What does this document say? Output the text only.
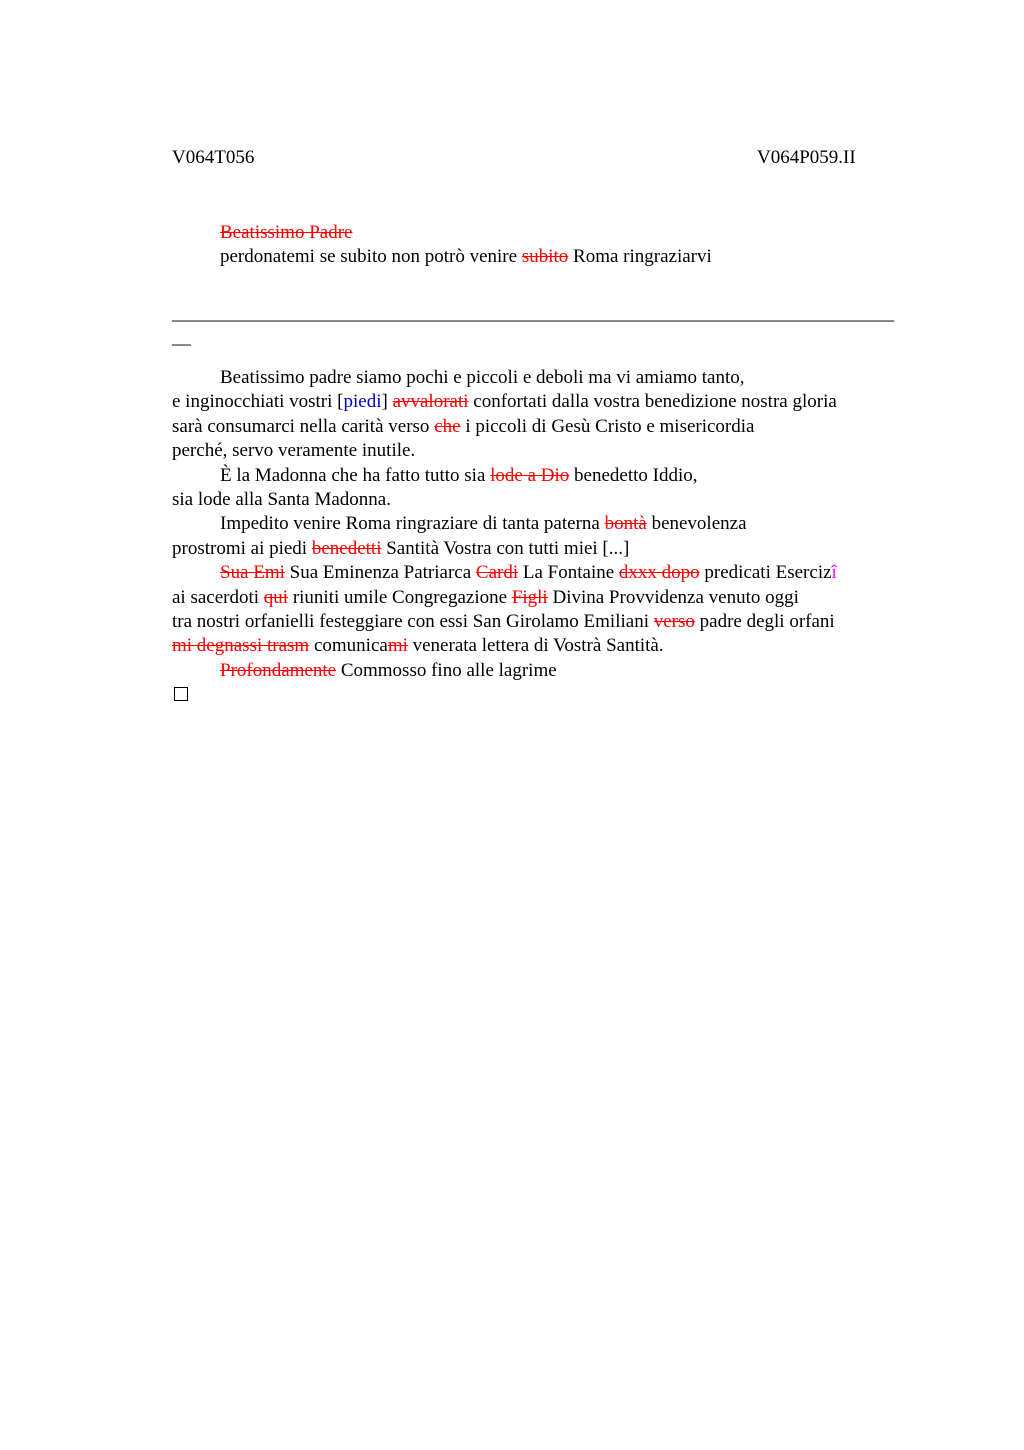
V064T056	V064P059.II
Beatissimo Padre
perdonatemi se subito non potrò venire subito Roma ringraziarvi
____________________________________________________________________________
__
Beatissimo padre siamo pochi e piccoli e deboli ma vi amiamo tanto,
e inginocchiati vostri [piedi] avvalorati confortati dalla vostra benedizione nostra gloria
sarà consumarci nella carità verso che i piccoli di Gesù Cristo e misericordia
perché, servo veramente inutile.
È la Madonna che ha fatto tutto sia lode a Dio benedetto Iddio,
sia lode alla Santa Madonna.
Impedito venire Roma ringraziare di tanta paterna bontà benevolenza
prostromi ai piedi benedetti Santità Vostra con tutti miei [...]
Sua Emi Sua Eminenza Patriarca Cardi La Fontaine dxxx dopo predicati Esercizî
ai sacerdoti qui riuniti umile Congregazione Figli Divina Provvidenza venuto oggi
tra nostri orfanielli festeggiare con essi San Girolamo Emiliani verso padre degli orfani
mi degnassi trasm comunicami venerata lettera di Vostrà Santità.
Profondamente Commosso fino alle lagrime
